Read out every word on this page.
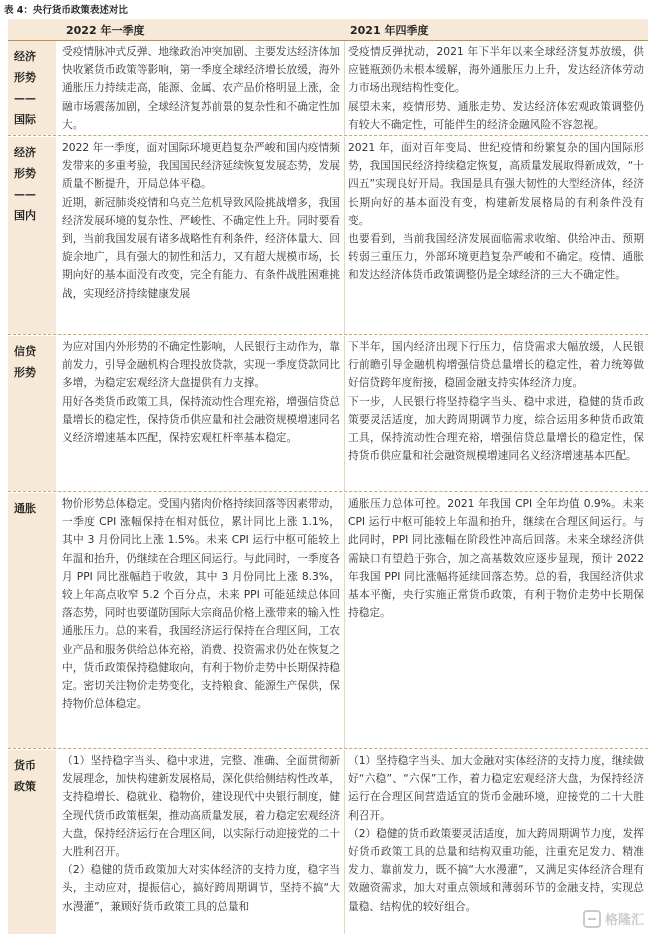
表 4：央行货币政策表述对比
2022 年一季度	2021 年四季度
经济
形势
——
国际
受疫情脉冲式反弹、地缘政治冲突加剧、主要发达经济体加快收紧货币政策等影响，第一季度全球经济增长放缓，海外通胀压力持续走高，能源、金属、农产品价格明显上涨，金融市场震荡加剧，全球经济复苏前景的复杂性和不确定性加大。
受疫情反弹扰动，2021 年下半年以来全球经济复苏放缓，供应链瓶颈仍未根本缓解，海外通胀压力上升，发达经济体劳动力市场出现结构性变化。
展望未来，疫情形势、通胀走势、发达经济体宏观政策调整仍有较大不确定性，可能伴生的经济金融风险不容忽视。
经济
形势
——
国内
2022 年一季度，面对国际环境更趋复杂严峻和国内疫情频发带来的多重考验，我国国民经济延续恢复发展态势，发展质量不断提升，开局总体平稳。
近期，新冠肺炎疫情和乌克兰危机导致风险挑战增多，我国经济发展环境的复杂性、严峻性、不确定性上升。同时要看到，当前我国发展有诸多战略性有利条件，经济体量大、回旋余地广，具有强大的韧性和活力，又有超大规模市场，长期向好的基本面没有改变，完全有能力、有条件战胜困难挑战，实现经济持续健康发展
2021 年，面对百年变局、世纪疫情和纷繁复杂的国内国际形势，我国国民经济持续稳定恢复，高质量发展取得新成效，“十四五”实现良好开局。我国是具有强大韧性的大型经济体，经济长期向好的基本面没有变，构建新发展格局的有利条件没有变。
也要看到，当前我国经济发展面临需求收缩、供给冲击、预期转弱三重压力，外部环境更趋复杂严峻和不确定。疫情、通胀和发达经济体货币政策调整仍是全球经济的三大不确定性。
信贷
形势
为应对国内外形势的不确定性影响，人民银行主动作为，靠前发力，引导金融机构合理投放贷款，实现一季度贷款同比多增，为稳定宏观经济大盘提供有力支撑。
用好各类货币政策工具，保持流动性合理充裕，增强信贷总量增长的稳定性，保持货币供应量和社会融资规模增速同名义经济增速基本匹配，保持宏观杠杆率基本稳定。
下半年，国内经济出现下行压力，信贷需求大幅放缓，人民银行前瞻引导金融机构增强信贷总量增长的稳定性，着力统筹做好信贷跨年度衔接，稳固金融支持实体经济力度。
下一步，人民银行将坚持稳字当头、稳中求进，稳健的货币政策要灵活适度，加大跨周期调节力度，综合运用多种货币政策工具，保持流动性合理充裕，增强信贷总量增长的稳定性，保持货币供应量和社会融资规模增速同名义经济增速基本匹配。
通胀 物价形势总体稳定。受国内猪肉价格持续回落等因素带动，一季度 CPI 涨幅保持在相对低位，累计同比上涨 1.1%，其中 3 月份同比上涨 1.5%。未来 CPI 运行中枢可能较上年温和抬升，仍继续在合理区间运行。与此同时，一季度各月 PPI 同比涨幅趋于收敛，其中 3 月份同比上涨 8.3%，较上年高点收窄 5.2 个百分点，未来 PPI 可能延续总体回落态势，同时也要谨防国际大宗商品价格上涨带来的输入性通胀压力。总的来看，我国经济运行保持在合理区间，工农业产品和服务供给总体充裕，消费、投资需求仍处在恢复之中，货币政策保持稳健取向，有利于物价走势中长期保持稳定。密切关注物价走势变化，支持粮食、能源生产保供，保持物价总体稳定。
通胀压力总体可控。2021 年我国 CPI 全年均值 0.9%。未来 CPI 运行中枢可能较上年温和抬升，继续在合理区间运行。与此同时，PPI 同比涨幅在阶段性冲高后回落。未来全球经济供需缺口有望趋于弥合，加之高基数效应逐步显现，预计 2022 年我国 PPI 同比涨幅将延续回落态势。总的看，我国经济供求基本平衡，央行实施正常货币政策，有利于物价走势中长期保持稳定。
货币
政策
（1）坚持稳字当头、稳中求进，完整、准确、全面贯彻新发展理念，加快构建新发展格局，深化供给侧结构性改革，支持稳增长、稳就业、稳物价，建设现代中央银行制度，健全现代货币政策框架，推动高质量发展，着力稳定宏观经济大盘，保持经济运行在合理区间，以实际行动迎接党的二十大胜利召开。
（2）稳健的货币政策加大对实体经济的支持力度，稳字当头，主动应对，提振信心，搞好跨周期调节，坚持不搞“大水漫灌”，兼顾好货币政策工具的总量和
（1）坚持稳字当头、加大金融对实体经济的支持力度，继续做好“六稳”、“六保”工作，着力稳定宏观经济大盘，为保持经济运行在合理区间营造适宜的货币金融环境，迎接党的二十大胜利召开。
（2）稳健的货币政策要灵活适度，加大跨周期调节力度，发挥好货币政策工具的总量和结构双重功能，注重充足发力、精准发力、靠前发力，既不搞“大水漫灌”，又满足实体经济合理有效融资需求，加大对重点领域和薄弱环节的金融支持，实现总量稳、结构优的较好组合。
格隆汇
